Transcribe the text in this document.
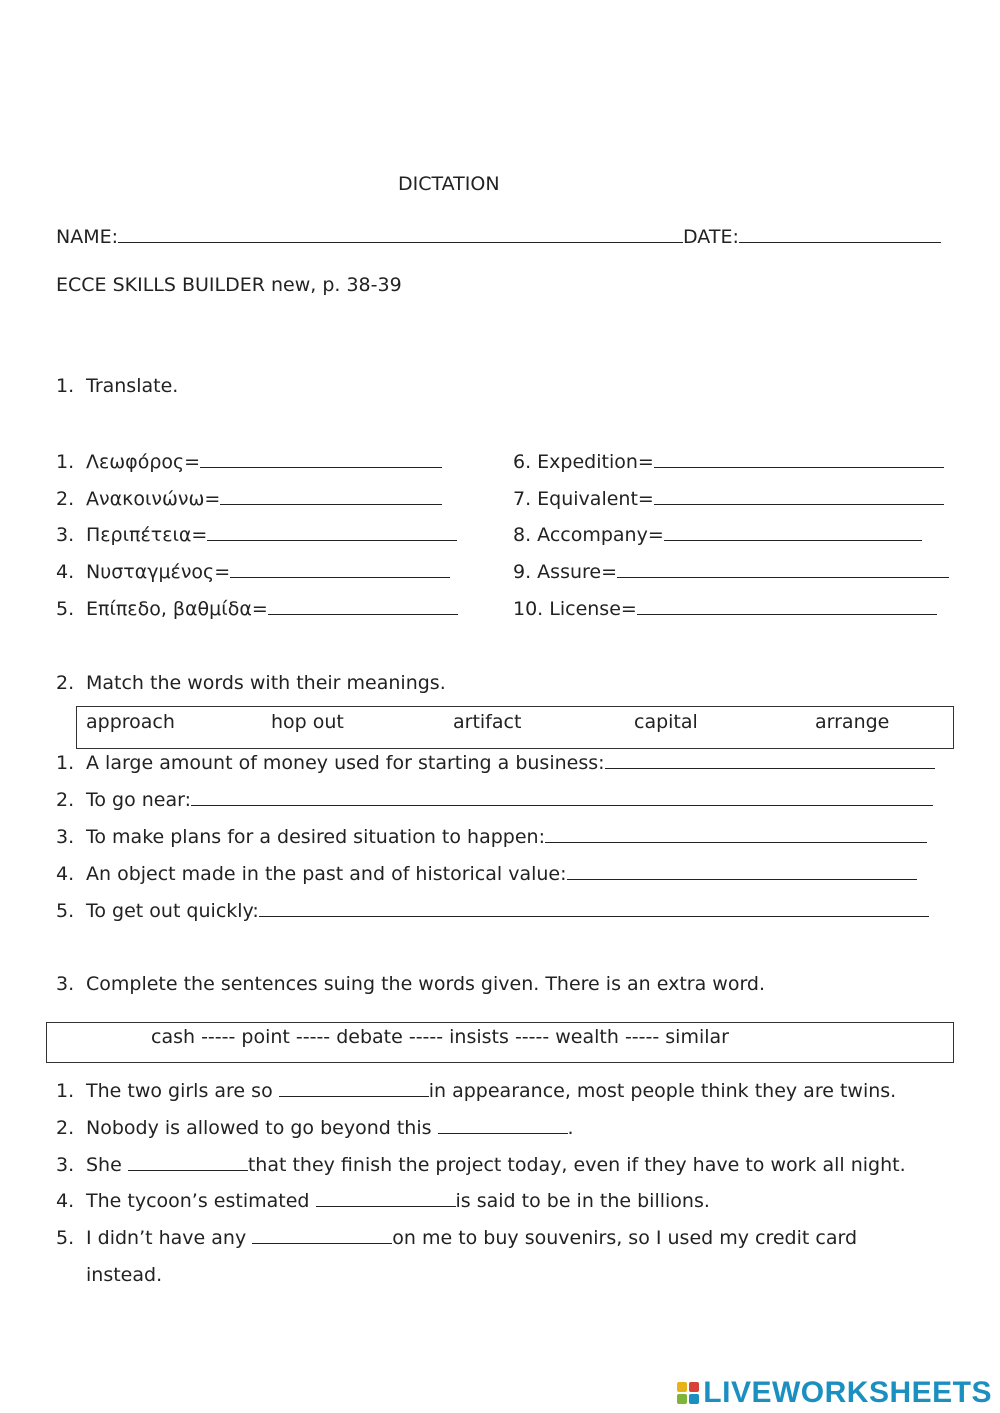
DICTATION
NAME:	DATE:
ECCE SKILLS BUILDER new, p. 38-39
1. Translate.
1. Λεωφόρος=
2. Ανακοινώνω=
3. Περιπέτεια=
4. Νυσταγμένος=
5. Επίπεδο, βαθμίδα=
6. Expedition=
7. Equivalent=
8. Accompany=
9. Assure=
10. License=
2. Match the words with their meanings.
approach	hop out	artifact	capital	arrange
1. A large amount of money used for starting a business:
2. To go near:
3. To make plans for a desired situation to happen:
4. An object made in the past and of historical value:
5. To get out quickly:
3. Complete the sentences suing the words given. There is an extra word.
cash ----- point ----- debate ----- insists ----- wealth ----- similar
1. The two girls are so	in appearance, most people think they are twins.
2. Nobody is allowed to go beyond this	.
3. She	that they finish the project today, even if they have to work all night.
4. The tycoon’s estimated	is said to be in the billions.
5. I didn’t have any	on me to buy souvenirs, so I used my credit card
instead.
LIVEWORKSHEETS
